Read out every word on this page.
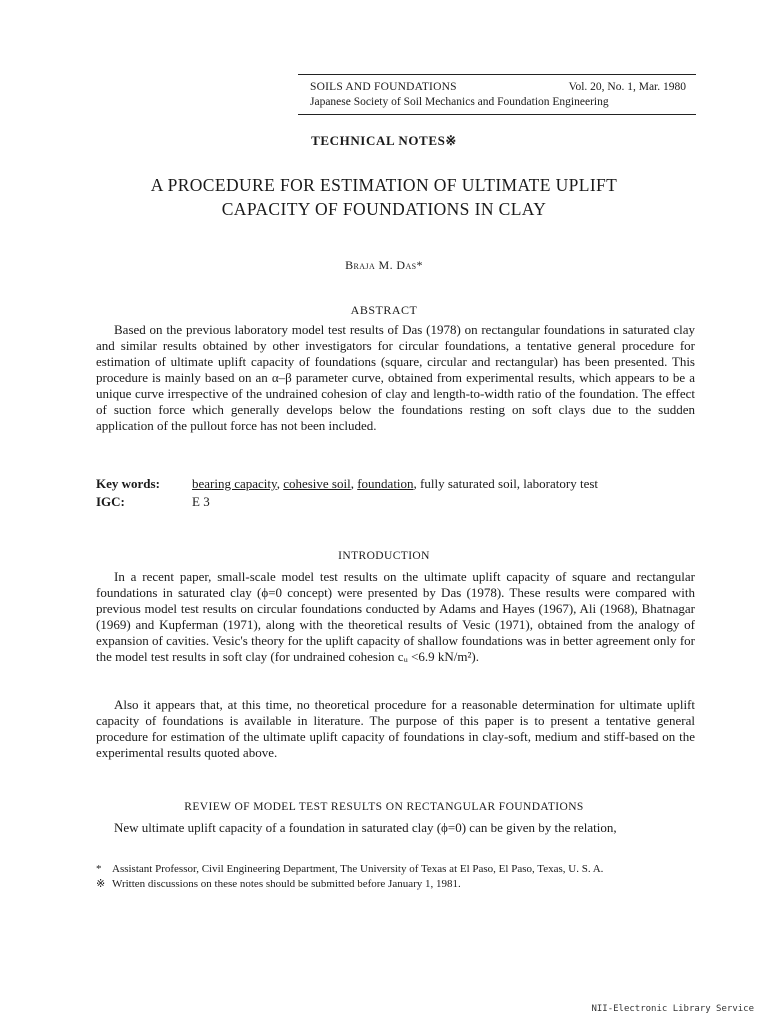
SOILS AND FOUNDATIONS	Vol. 20, No. 1, Mar. 1980
Japanese Society of Soil Mechanics and Foundation Engineering
TECHNICAL NOTES※
A PROCEDURE FOR ESTIMATION OF ULTIMATE UPLIFT
CAPACITY OF FOUNDATIONS IN CLAY
Braja M. Das*
ABSTRACT
Based on the previous laboratory model test results of Das (1978) on rectangular foundations in saturated clay and similar results obtained by other investigators for circular foundations, a tentative general procedure for estimation of ultimate uplift capacity of foundations (square, circular and rectangular) has been presented. This procedure is mainly based on an α–β parameter curve, obtained from experimental results, which appears to be a unique curve irrespective of the undrained cohesion of clay and length-to-width ratio of the foundation. The effect of suction force which generally develops below the foundations resting on soft clays due to the sudden application of the pullout force has not been included.
Key words:	bearing capacity, cohesive soil, foundation, fully saturated soil, laboratory test
IGC:	E 3
INTRODUCTION
In a recent paper, small-scale model test results on the ultimate uplift capacity of square and rectangular foundations in saturated clay (ϕ=0 concept) were presented by Das (1978). These results were compared with previous model test results on circular foundations conducted by Adams and Hayes (1967), Ali (1968), Bhatnagar (1969) and Kupferman (1971), along with the theoretical results of Vesic (1971), obtained from the analogy of expansion of cavities. Vesic's theory for the uplift capacity of shallow foundations was in better agreement only for the model test results in soft clay (for undrained cohesion cᵤ <6.9 kN/m²).
Also it appears that, at this time, no theoretical procedure for a reasonable determination for ultimate uplift capacity of foundations is available in literature. The purpose of this paper is to present a tentative general procedure for estimation of the ultimate uplift capacity of foundations in clay-soft, medium and stiff-based on the experimental results quoted above.
REVIEW OF MODEL TEST RESULTS ON RECTANGULAR FOUNDATIONS
New ultimate uplift capacity of a foundation in saturated clay (ϕ=0) can be given by the relation,
* Assistant Professor, Civil Engineering Department, The University of Texas at El Paso, El Paso, Texas, U. S. A.
※ Written discussions on these notes should be submitted before January 1, 1981.
NII-Electronic Library Service
